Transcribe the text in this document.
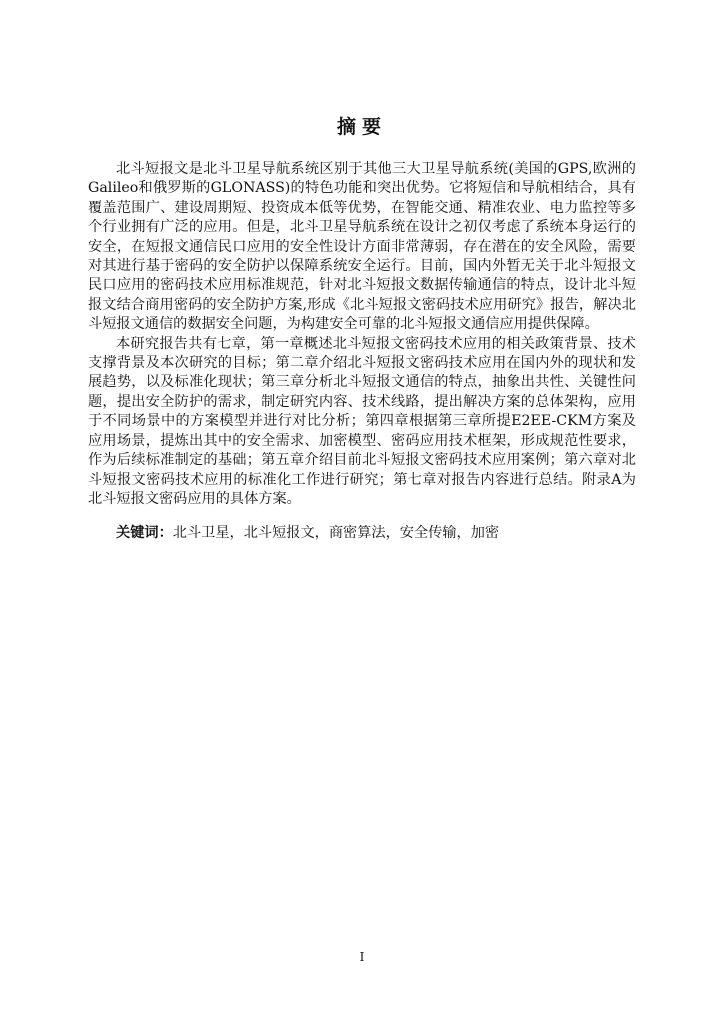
摘要

北斗短报文是北斗卫星导航系统区别于其他三大卫星导航系统(美国的GPS,欧洲的Galileo和俄罗斯的GLONASS)的特色功能和突出优势。它将短信和导航相结合，具有覆盖范围广、建设周期短、投资成本低等优势，在智能交通、精准农业、电力监控等多个行业拥有广泛的应用。但是，北斗卫星导航系统在设计之初仅考虑了系统本身运行的安全，在短报文通信民口应用的安全性设计方面非常薄弱，存在潜在的安全风险，需要对其进行基于密码的安全防护以保障系统安全运行。目前，国内外暂无关于北斗短报文民口应用的密码技术应用标准规范，针对北斗短报文数据传输通信的特点，设计北斗短报文结合商用密码的安全防护方案,形成《北斗短报文密码技术应用研究》报告，解决北斗短报文通信的数据安全问题，为构建安全可靠的北斗短报文通信应用提供保障。

本研究报告共有七章，第一章概述北斗短报文密码技术应用的相关政策背景、技术支撑背景及本次研究的目标；第二章介绍北斗短报文密码技术应用在国内外的现状和发展趋势，以及标准化现状；第三章分析北斗短报文通信的特点，抽象出共性、关键性问题，提出安全防护的需求，制定研究内容、技术线路，提出解决方案的总体架构，应用于不同场景中的方案模型并进行对比分析；第四章根据第三章所提E2EE-CKM方案及应用场景，提炼出其中的安全需求、加密模型、密码应用技术框架，形成规范性要求，作为后续标准制定的基础；第五章介绍目前北斗短报文密码技术应用案例；第六章对北斗短报文密码技术应用的标准化工作进行研究；第七章对报告内容进行总结。附录A为北斗短报文密码应用的具体方案。

关键词：北斗卫星，北斗短报文，商密算法，安全传输，加密
I
